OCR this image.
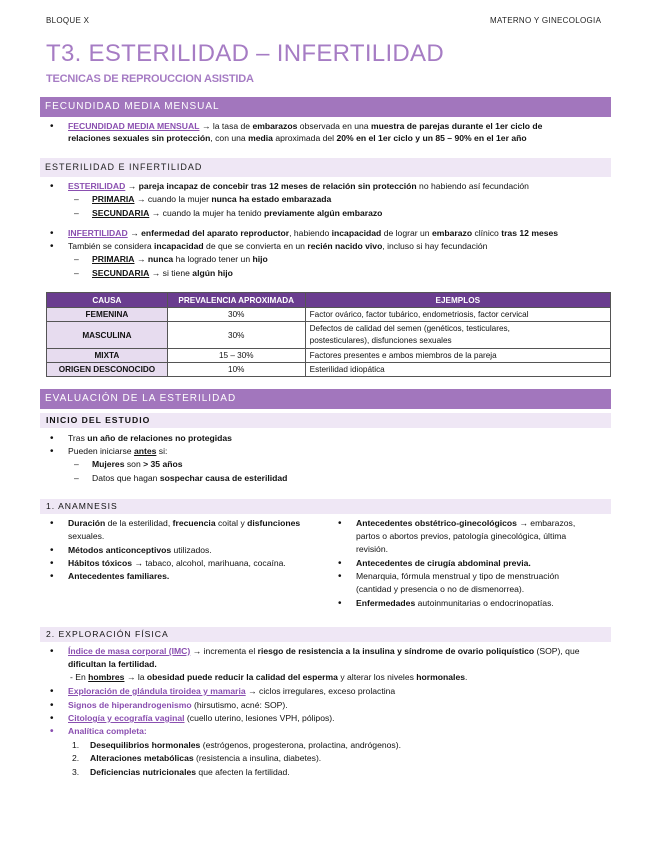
BLOQUE X	MATERNO Y GINECOLOGIA
T3. ESTERILIDAD – INFERTILIDAD
TECNICAS DE REPROUCCION ASISTIDA
FECUNDIDAD MEDIA MENSUAL
• FECUNDIDAD MEDIA MENSUAL → la tasa de embarazos observada en una muestra de parejas durante el 1er ciclo de
relaciones sexuales sin protección, con una media aproximada del 20% en el 1er ciclo y un 85 – 90% en el 1er año
ESTERILIDAD E INFERTILIDAD
• ESTERILIDAD → pareja incapaz de concebir tras 12 meses de relación sin protección no habiendo así fecundación
– PRIMARIA → cuando la mujer nunca ha estado embarazada
– SECUNDARIA → cuando la mujer ha tenido previamente algún embarazo
• INFERTILIDAD → enfermedad del aparato reproductor, habiendo incapacidad de lograr un embarazo clínico tras 12 meses
• También se considera incapacidad de que se convierta en un recién nacido vivo, incluso si hay fecundación
– PRIMARIA → nunca ha logrado tener un hijo
– SECUNDARIA → si tiene algún hijo
CAUSA	PREVALENCIA APROXIMADA	EJEMPLOS
FEMENINA	30%	Factor ovárico, factor tubárico, endometriosis, factor cervical
MASCULINA	30%	Defectos de calidad del semen (genéticos, testiculares,
postesticulares), disfunciones sexuales
MIXTA	15 – 30%	Factores presentes e ambos miembros de la pareja
ORIGEN DESCONOCIDO	10%	Esterilidad idiopática
EVALUACIÓN DE LA ESTERILIDAD
INICIO DEL ESTUDIO
• Tras un año de relaciones no protegidas
• Pueden iniciarse antes si:
– Mujeres son > 35 años
– Datos que hagan sospechar causa de esterilidad
1. ANAMNESIS
• Duración de la esterilidad, frecuencia coital y disfunciones
sexuales.
• Métodos anticonceptivos utilizados.
• Hábitos tóxicos → tabaco, alcohol, marihuana, cocaína.
• Antecedentes familiares.
• Antecedentes obstétrico-ginecológicos → embarazos,
partos o abortos previos, patología ginecológica, última
revisión.
• Antecedentes de cirugía abdominal previa.
• Menarquia, fórmula menstrual y tipo de menstruación
(cantidad y presencia o no de dismenorrea).
• Enfermedades autoinmunitarias o endocrinopatías.
2. EXPLORACIÓN FÍSICA
• Índice de masa corporal (IMC) → incrementa el riesgo de resistencia a la insulina y síndrome de ovario poliquístico (SOP), que
dificultan la fertilidad.
- En hombres → la obesidad puede reducir la calidad del esperma y alterar los niveles hormonales.
• Exploración de glándula tiroidea y mamaria → ciclos irregulares, exceso prolactina
• Signos de hiperandrogenismo (hirsutismo, acné: SOP).
• Citología y ecografía vaginal (cuello uterino, lesiones VPH, pólipos).
• Analítica completa:
1. Desequilibrios hormonales (estrógenos, progesterona, prolactina, andrógenos).
2. Alteraciones metabólicas (resistencia a insulina, diabetes).
3. Deficiencias nutricionales que afecten la fertilidad.
